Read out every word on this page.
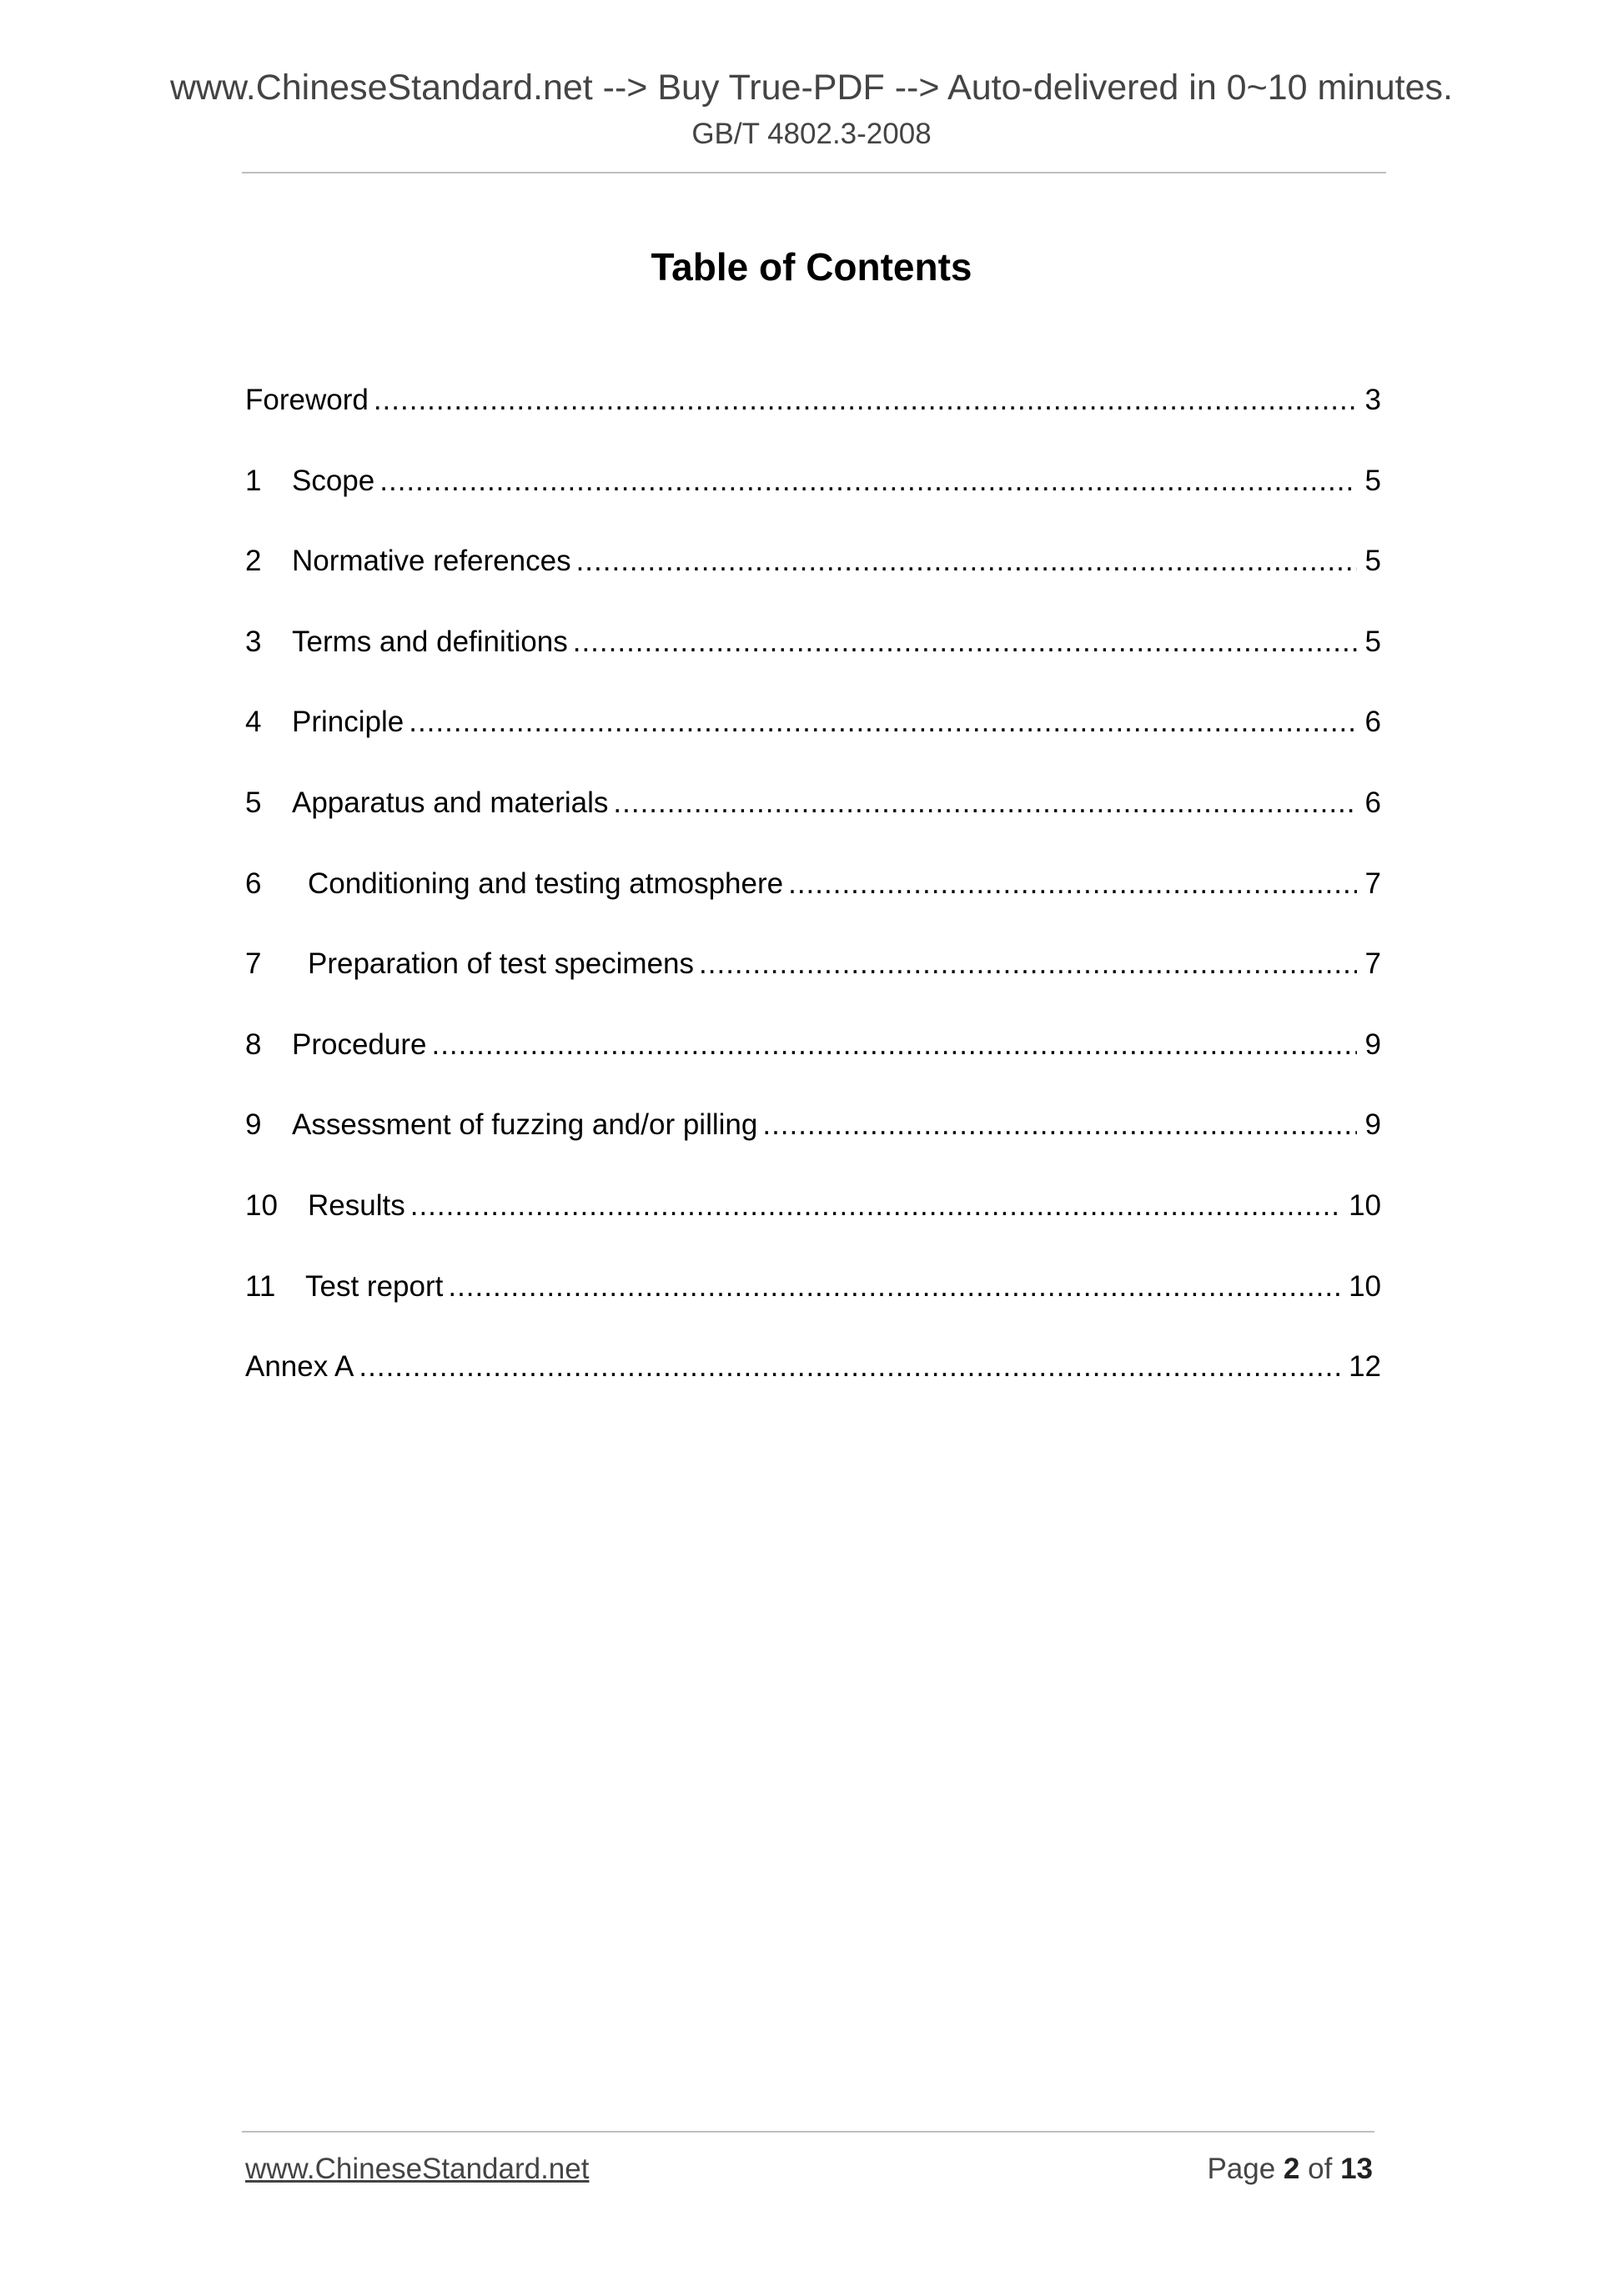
www.ChineseStandard.net --> Buy True-PDF --> Auto-delivered in 0~10 minutes.
GB/T 4802.3-2008
Table of Contents
Foreword .....	3
1	Scope .....	5
2	Normative references .....	5
3	Terms and definitions .....	5
4	Principle .....	6
5	Apparatus and materials .....	6
6	Conditioning and testing atmosphere .....	7
7	Preparation of test specimens .....	7
8	Procedure .....	9
9	Assessment of fuzzing and/or pilling .....	9
10	Results .....	10
11	Test report .....	10
Annex A .....	12
www.ChineseStandard.net	Page 2 of 13
